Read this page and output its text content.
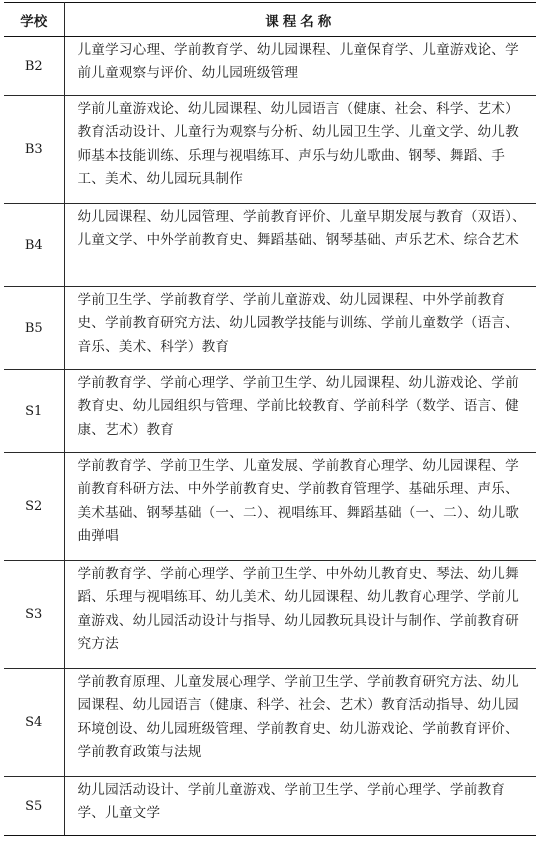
学校	课程名称
B2	儿童学习心理、学前教育学、幼儿园课程、儿童保育学、儿童游戏论、学前儿童观察与评价、幼儿园班级管理
B3	学前儿童游戏论、幼儿园课程、幼儿园语言（健康、社会、科学、艺术）教育活动设计、儿童行为观察与分析、幼儿园卫生学、儿童文学、幼儿教师基本技能训练、乐理与视唱练耳、声乐与幼儿歌曲、钢琴、舞蹈、手工、美术、幼儿园玩具制作
B4	幼儿园课程、幼儿园管理、学前教育评价、儿童早期发展与教育（双语）、儿童文学、中外学前教育史、舞蹈基础、钢琴基础、声乐艺术、综合艺术
B5	学前卫生学、学前教育学、学前儿童游戏、幼儿园课程、中外学前教育史、学前教育研究方法、幼儿园教学技能与训练、学前儿童数学（语言、音乐、美术、科学）教育
S1	学前教育学、学前心理学、学前卫生学、幼儿园课程、幼儿游戏论、学前教育史、幼儿园组织与管理、学前比较教育、学前科学（数学、语言、健康、艺术）教育
S2	学前教育学、学前卫生学、儿童发展、学前教育心理学、幼儿园课程、学前教育科研方法、中外学前教育史、学前教育管理学、基础乐理、声乐、美术基础、钢琴基础（一、二）、视唱练耳、舞蹈基础（一、二）、幼儿歌曲弹唱
S3	学前教育学、学前心理学、学前卫生学、中外幼儿教育史、琴法、幼儿舞蹈、乐理与视唱练耳、幼儿美术、幼儿园课程、幼儿教育心理学、学前儿童游戏、幼儿园活动设计与指导、幼儿园教玩具设计与制作、学前教育研究方法
S4	学前教育原理、儿童发展心理学、学前卫生学、学前教育研究方法、幼儿园课程、幼儿园语言（健康、科学、社会、艺术）教育活动指导、幼儿园环境创设、幼儿园班级管理、学前教育史、幼儿游戏论、学前教育评价、学前教育政策与法规
S5	幼儿园活动设计、学前儿童游戏、学前卫生学、学前心理学、学前教育学、儿童文学
